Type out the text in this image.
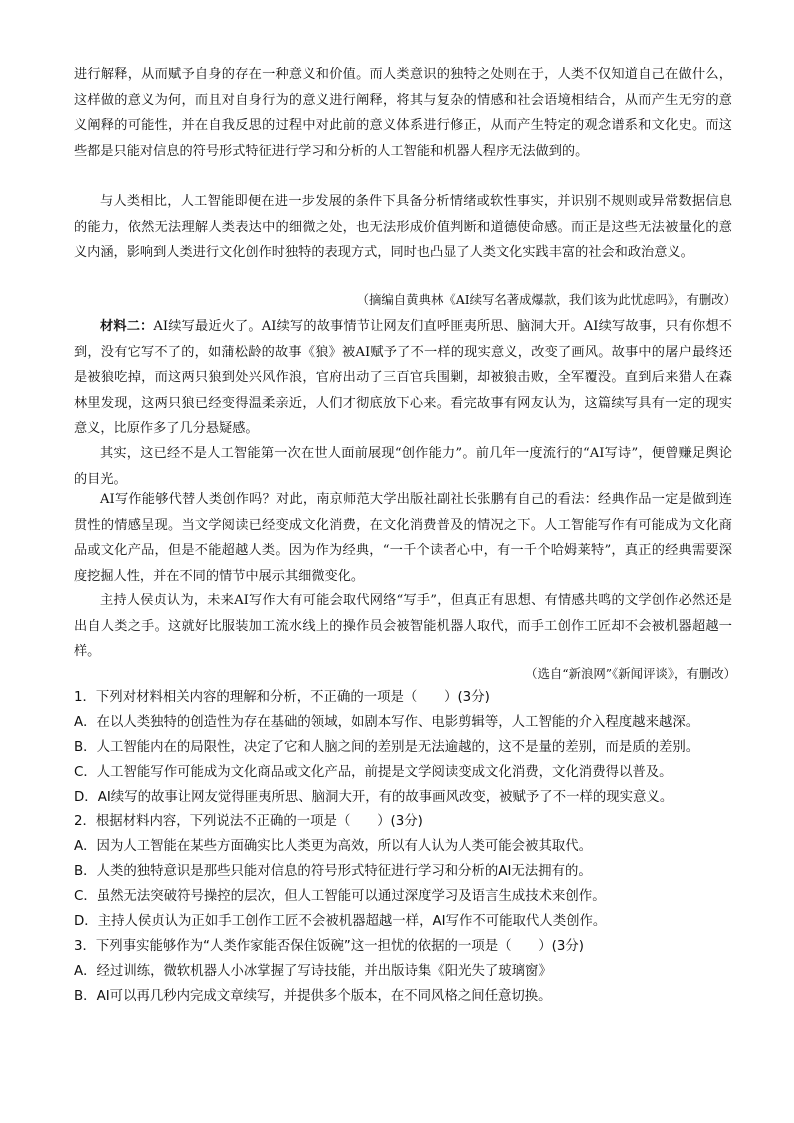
进行解释，从而赋予自身的存在一种意义和价值。而人类意识的独特之处则在于，人类不仅知道自己在做什么，这样做的意义为何，而且对自身行为的意义进行阐释，将其与复杂的情感和社会语境相结合，从而产生无穷的意义阐释的可能性，并在自我反思的过程中对此前的意义体系进行修正，从而产生特定的观念谱系和文化史。而这些都是只能对信息的符号形式特征进行学习和分析的人工智能和机器人程序无法做到的。
与人类相比，人工智能即便在进一步发展的条件下具备分析情绪或软性事实，并识别不规则或异常数据信息的能力，依然无法理解人类表达中的细微之处，也无法形成价值判断和道德使命感。而正是这些无法被量化的意义内涵，影响到人类进行文化创作时独特的表现方式，同时也凸显了人类文化实践丰富的社会和政治意义。
（摘编自黄典林《AI续写名著成爆款，我们该为此忧虑吗》，有删改）
材料二：AI续写最近火了。AI续写的故事情节让网友们直呼匪夷所思、脑洞大开。AI续写故事，只有你想不到，没有它写不了的，如蒲松龄的故事《狼》被AI赋予了不一样的现实意义，改变了画风。故事中的屠户最终还是被狼吃掉，而这两只狼到处兴风作浪，官府出动了三百官兵围剿，却被狼击败，全军覆没。直到后来猎人在森林里发现，这两只狼已经变得温柔亲近，人们才彻底放下心来。看完故事有网友认为，这篇续写具有一定的现实意义，比原作多了几分悬疑感。
其实，这已经不是人工智能第一次在世人面前展现“创作能力”。前几年一度流行的“AI写诗”，便曾赚足舆论的目光。
AI写作能够代替人类创作吗？对此，南京师范大学出版社副社长张鹏有自己的看法：经典作品一定是做到连贯性的情感呈现。当文学阅读已经变成文化消费，在文化消费普及的情况之下。人工智能写作有可能成为文化商品或文化产品，但是不能超越人类。因为作为经典，“一千个读者心中，有一千个哈姆莱特”，真正的经典需要深度挖掘人性，并在不同的情节中展示其细微变化。
主持人侯贞认为，未来AI写作大有可能会取代网络“写手”，但真正有思想、有情感共鸣的文学创作必然还是出自人类之手。这就好比服装加工流水线上的操作员会被智能机器人取代，而手工创作工匠却不会被机器超越一样。
（选自“新浪网”《新闻评谈》，有删改）
1．下列对材料相关内容的理解和分析，不正确的一项是（　　）(3分)
A．在以人类独特的创造性为存在基础的领域，如剧本写作、电影剪辑等，人工智能的介入程度越来越深。
B．人工智能内在的局限性，决定了它和人脑之间的差别是无法逾越的，这不是量的差别，而是质的差别。
C．人工智能写作可能成为文化商品或文化产品，前提是文学阅读变成文化消费，文化消费得以普及。
D．AI续写的故事让网友觉得匪夷所思、脑洞大开，有的故事画风改变，被赋予了不一样的现实意义。
2．根据材料内容，下列说法不正确的一项是（　　）(3分)
A．因为人工智能在某些方面确实比人类更为高效，所以有人认为人类可能会被其取代。
B．人类的独特意识是那些只能对信息的符号形式特征进行学习和分析的AI无法拥有的。
C．虽然无法突破符号操控的层次，但人工智能可以通过深度学习及语言生成技术来创作。
D．主持人侯贞认为正如手工创作工匠不会被机器超越一样，AI写作不可能取代人类创作。
3．下列事实能够作为“人类作家能否保住饭碗”这一担忧的依据的一项是（　　）(3分)
A．经过训练，微软机器人小冰掌握了写诗技能，并出版诗集《阳光失了玻璃窗》
B．AI可以再几秒内完成文章续写，并提供多个版本，在不同风格之间任意切换。
